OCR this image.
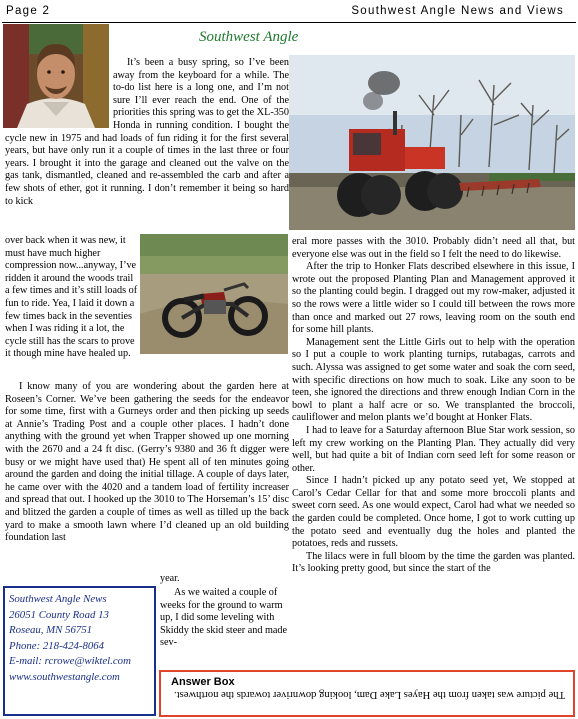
Page 2	Southwest Angle News and Views
Southwest Angle

It’s been a busy spring, so I’ve been away from the keyboard for a while. The to-do list here is a long one, and I’m not sure I’ll ever reach the end. One of the priorities this spring was to get the XL-350 Honda in running condition. I bought the cycle new in 1975 and had loads of fun riding it for the first several years, but have only run it a couple of times in the last three or four years. I brought it into the garage and cleaned out the valve on the gas tank, dismantled, cleaned and re-assembled the carb and after a few shots of ether, got it running. I don’t remember it being so hard to kick

over back when it was new, it must have much higher compression now...anyway, I’ve ridden it around the woods trail a few times and it’s still loads of fun to ride. Yea, I laid it down a few times back in the seventies when I was riding it a lot, the cycle still has the scars to prove it though mine have healed up.

I know many of you are wondering about the garden here at Roseen’s Corner. We’ve been gathering the seeds for the endeavor for some time, first with a Gurneys order and then picking up seeds at Annie’s Trading Post and a couple other places. I hadn’t done anything with the ground yet when Trapper showed up one morning with the 2670 and a 24 ft disc. (Gerry’s 9380 and 36 ft digger were busy or we might have used that) He spent all of ten minutes going around the garden and doing the initial tillage. A couple of days later, he came over with the 4020 and a tandem load of fertility increaser and spread that out. I hooked up the 3010 to The Horseman’s 15’ disc and blitzed the garden a couple of times as well as tilled up the back yard to make a smooth lawn where I’d cleaned up an old building foundation last

year.

As we waited a couple of weeks for the ground to warm up, I did some leveling with Skiddy the skid steer and made sev-

eral more passes with the 3010. Probably didn’t need all that, but everyone else was out in the field so I felt the need to do likewise.

After the trip to Honker Flats described elsewhere in this issue, I wrote out the proposed Planting Plan and Management approved it so the planting could begin. I dragged out my row-maker, adjusted it so the rows were a little wider so I could till between the rows more than once and marked out 27 rows, leaving room on the south end for some hill plants.

Management sent the Little Girls out to help with the operation so I put a couple to work planting turnips, rutabagas, carrots and such. Alyssa was assigned to get some water and soak the corn seed, with specific directions on how much to soak. Like any soon to be teen, she ignored the directions and threw enough Indian Corn in the bowl to plant a half acre or so. We transplanted the broccoli, cauliflower and melon plants we’d bought at Honker Flats.

I had to leave for a Saturday afternoon Blue Star work session, so left my crew working on the Planting Plan. They actually did very well, but had quite a bit of Indian corn seed left for some reason or other.

Since I hadn’t picked up any potato seed yet, We stopped at Carol’s Cedar Cellar for that and some more broccoli plants and sweet corn seed. As one would expect, Carol had what we needed so the garden could be completed. Once home, I got to work cutting up the potato seed and eventually dug the holes and planted the potatoes, reds and russets.

The lilacs were in full bloom by the time the garden was planted. It’s looking pretty good, but since the start of the

Southwest Angle News
26051 County Road 13
Roseau, MN 56751
Phone: 218-424-8064
E-mail: rcrowe@wiktel.com
www.southwestangle.com	Answer Box
The picture was taken from the Hayes Lake Dam, looking downriver towards the northwest.
